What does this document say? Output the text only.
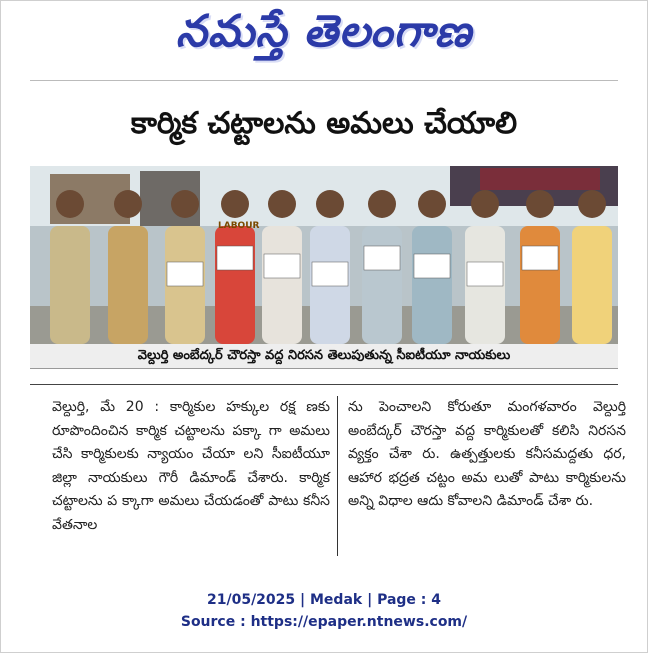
నమస్తే తెలంగాణ
కార్మిక చట్టాలను అమలు చేయాలి
LABOUR
వెల్దుర్తి అంబేద్కర్ చౌరస్తా వద్ద నిరసన తెలుపుతున్న సీఐటీయూ నాయకులు
వెల్దుర్తి, మే 20 : కార్మికుల హక్కుల రక్ష ణకు రూపొందించిన కార్మిక చట్టాలను పక్కా గా అమలు చేసి కార్మికులకు న్యాయం చేయా లని సీఐటీయూ జిల్లా నాయకులు గౌరీ డిమాండ్ చేశారు. కార్మిక చట్టాలను ప క్కాగా అమలు చేయడంతో పాటు కనీస వేతనాల
ను పెంచాలని కోరుతూ మంగళవారం వెల్దుర్తి అంబేద్కర్ చౌరస్తా వద్ద కార్మికులతో కలిసి నిరసన వ్యక్తం చేశా రు. ఉత్పత్తులకు కనీసమద్దతు ధర, ఆహార భద్రత చట్టం అమ లుతో పాటు కార్మికులను అన్ని విధాల ఆదు కోవాలని డిమాండ్ చేశా రు.
21/05/2025 | Medak | Page : 4
Source : https://epaper.ntnews.com/
